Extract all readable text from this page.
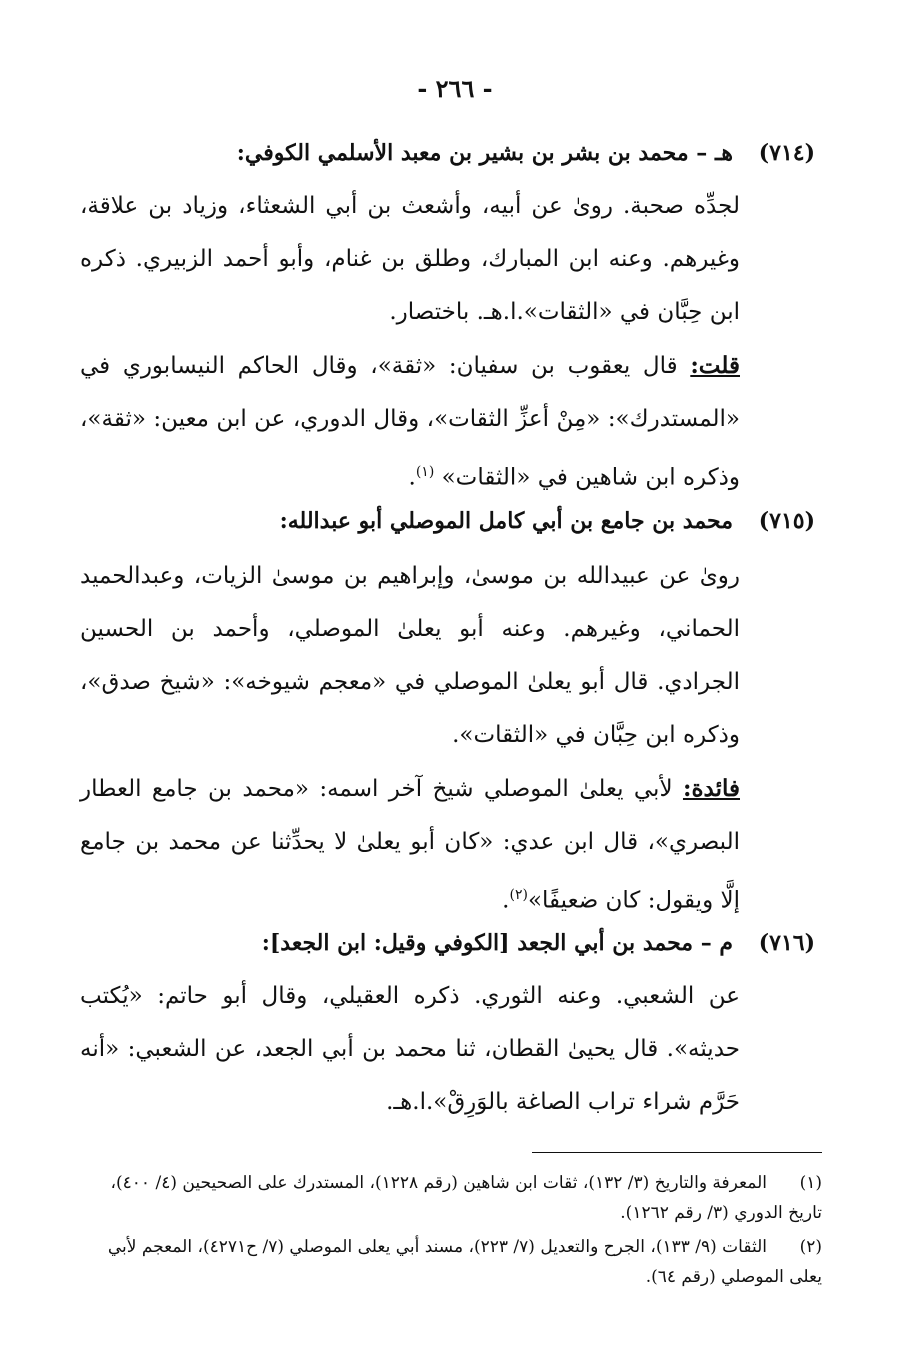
- ٢٦٦ -
(٧١٤) هـ – محمد بن بشر بن بشير بن معبد الأسلمي الكوفي:
لجدِّه صحبة. روىٰ عن أبيه، وأشعث بن أبي الشعثاء، وزياد بن علاقة، وغيرهم. وعنه ابن المبارك، وطلق بن غنام، وأبو أحمد الزبيري. ذكره ابن حِبَّان في «الثقات».ا.هـ. باختصار.
قلت: قال يعقوب بن سفيان: «ثقة»، وقال الحاكم النيسابوري في «المستدرك»: «مِنْ أعزِّ الثقات»، وقال الدوري، عن ابن معين: «ثقة»، وذكره ابن شاهين في «الثقات» $^{(١)}$.
(٧١٥) محمد بن جامع بن أبي كامل الموصلي أبو عبدالله:
روىٰ عن عبيدالله بن موسىٰ، وإبراهيم بن موسىٰ الزيات، وعبدالحميد الحماني، وغيرهم. وعنه أبو يعلىٰ الموصلي، وأحمد بن الحسين الجرادي. قال أبو يعلىٰ الموصلي في «معجم شيوخه»: «شيخ صدق»، وذكره ابن حِبَّان في «الثقات».
فائدة: لأبي يعلىٰ الموصلي شيخ آخر اسمه: «محمد بن جامع العطار البصري»، قال ابن عدي: «كان أبو يعلىٰ لا يحدِّثنا عن محمد بن جامع إلَّا ويقول: كان ضعيفًا»$^{(٢)}$.
(٧١٦) م – محمد بن أبي الجعد [الكوفي وقيل: ابن الجعد]:
عن الشعبي. وعنه الثوري. ذكره العقيلي، وقال أبو حاتم: «يُكتب حديثه». قال يحيىٰ القطان، ثنا محمد بن أبي الجعد، عن الشعبي: «أنه حَرَّم شراء تراب الصاغة بالوَرِقْ».ا.هـ.
(١)المعرفة والتاريخ (٣/ ١٣٢)، ثقات ابن شاهين (رقم ١٢٢٨)، المستدرك على الصحيحين (٤/ ٤٠٠)، تاريخ الدوري (٣/ رقم ١٢٦٢).
(٢)الثقات (٩/ ١٣٣)، الجرح والتعديل (٧/ ٢٢٣)، مسند أبي يعلى الموصلي (٧/ ح٤٢٧١)، المعجم لأبي يعلى الموصلي (رقم ٦٤).
